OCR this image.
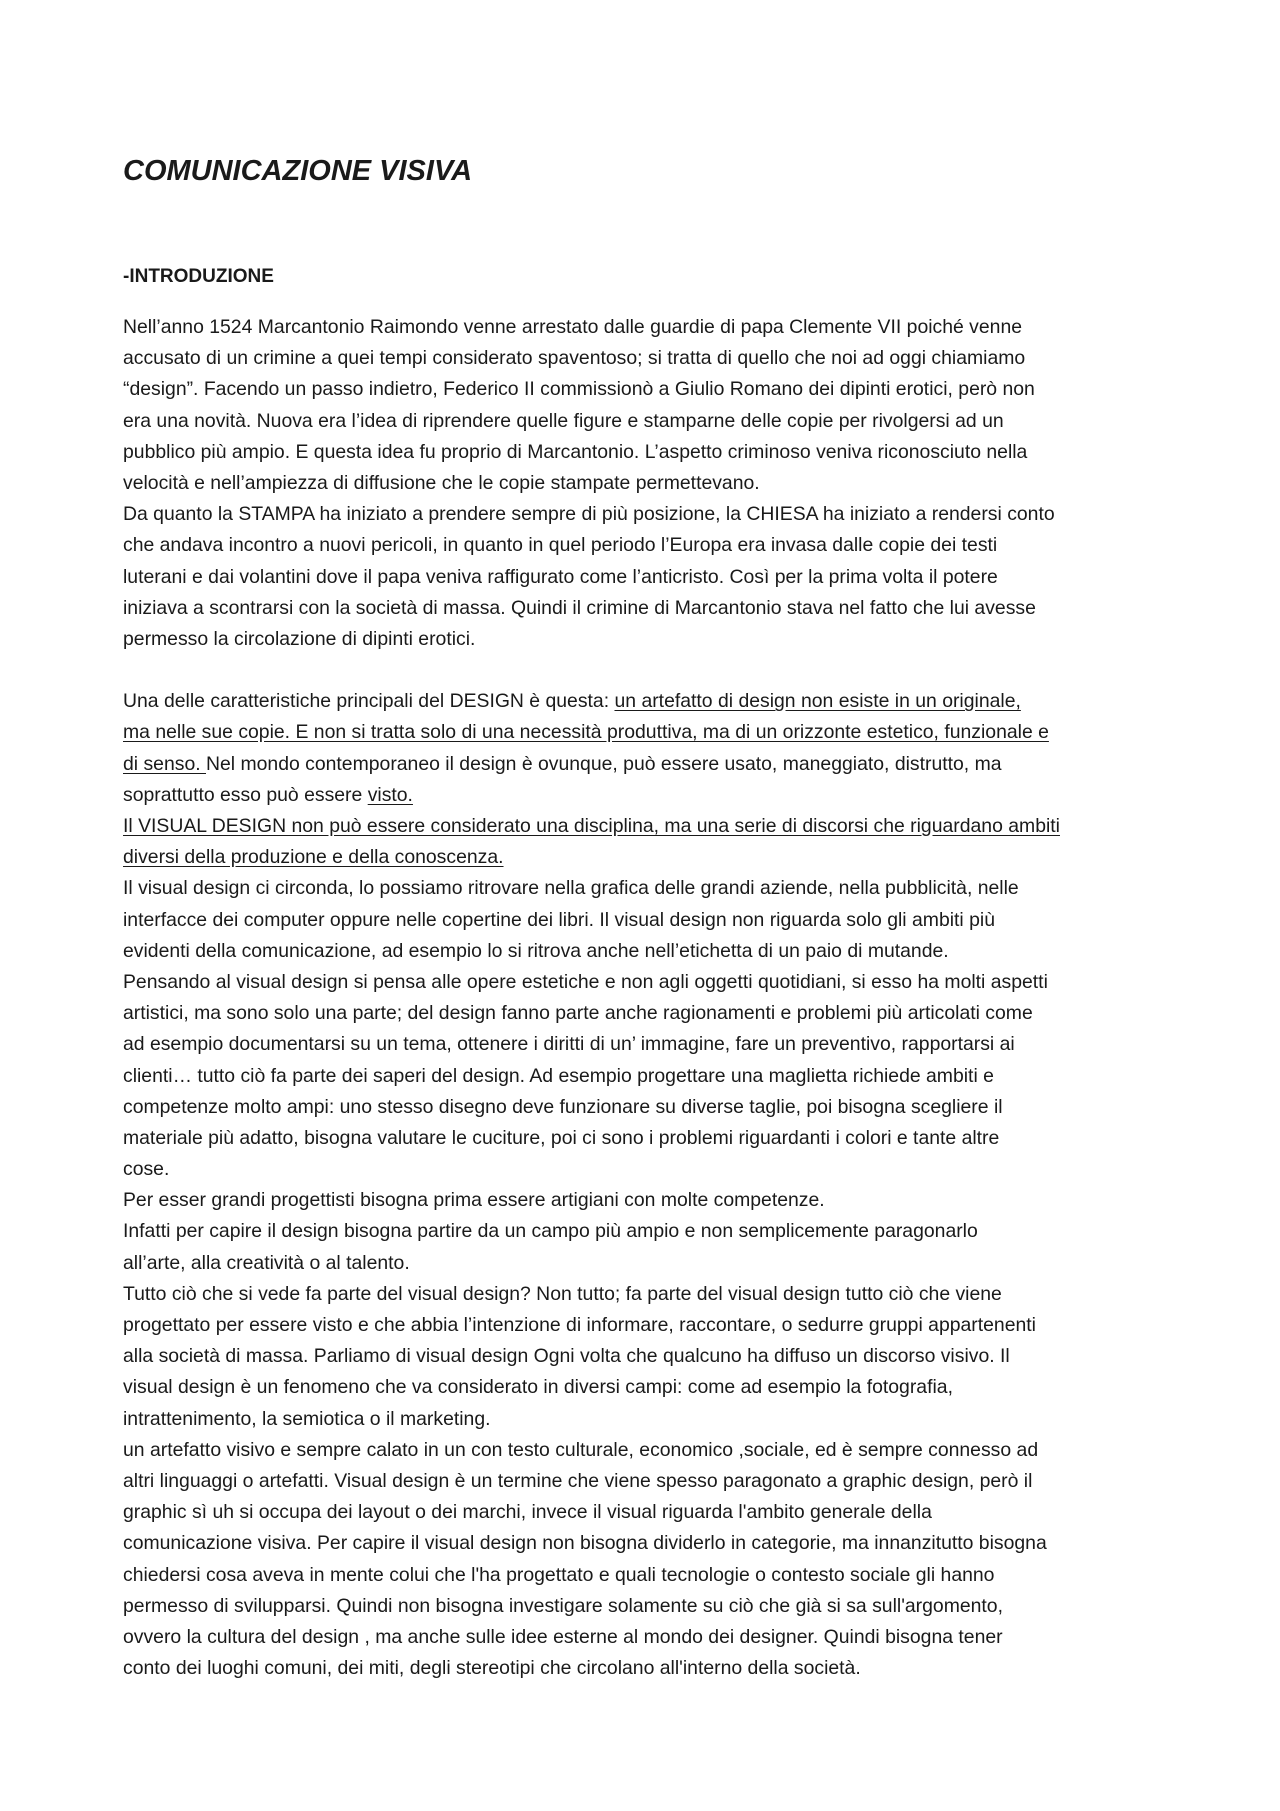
COMUNICAZIONE VISIVA
-INTRODUZIONE
Nell’anno 1524 Marcantonio Raimondo venne arrestato dalle guardie di papa Clemente VII poiché venne
accusato di un crimine a quei tempi considerato spaventoso; si tratta di quello che noi ad oggi chiamiamo
“design”. Facendo un passo indietro, Federico II commissionò a Giulio Romano dei dipinti erotici, però non
era una novità. Nuova era l’idea di riprendere quelle figure e stamparne delle copie per rivolgersi ad un
pubblico più ampio. E questa idea fu proprio di Marcantonio. L’aspetto criminoso veniva riconosciuto nella
velocità e nell’ampiezza di diffusione che le copie stampate permettevano.
Da quanto la STAMPA ha iniziato a prendere sempre di più posizione, la CHIESA ha iniziato a rendersi conto
che andava incontro a nuovi pericoli, in quanto in quel periodo l’Europa era invasa dalle copie dei testi
luterani e dai volantini dove il papa veniva raffigurato come l’anticristo. Così per la prima volta il potere
iniziava a scontrarsi con la società di massa. Quindi il crimine di Marcantonio stava nel fatto che lui avesse
permesso la circolazione di dipinti erotici.
Una delle caratteristiche principali del DESIGN è questa: un artefatto di design non esiste in un originale,
ma nelle sue copie. E non si tratta solo di una necessità produttiva, ma di un orizzonte estetico, funzionale e
di senso. Nel mondo contemporaneo il design è ovunque, può essere usato, maneggiato, distrutto, ma
soprattutto esso può essere visto.
Il VISUAL DESIGN non può essere considerato una disciplina, ma una serie di discorsi che riguardano ambiti
diversi della produzione e della conoscenza.
Il visual design ci circonda, lo possiamo ritrovare nella grafica delle grandi aziende, nella pubblicità, nelle
interfacce dei computer oppure nelle copertine dei libri. Il visual design non riguarda solo gli ambiti più
evidenti della comunicazione, ad esempio lo si ritrova anche nell’etichetta di un paio di mutande.
Pensando al visual design si pensa alle opere estetiche e non agli oggetti quotidiani, si esso ha molti aspetti
artistici, ma sono solo una parte; del design fanno parte anche ragionamenti e problemi più articolati come
ad esempio documentarsi su un tema, ottenere i diritti di un’ immagine, fare un preventivo, rapportarsi ai
clienti… tutto ciò fa parte dei saperi del design. Ad esempio progettare una maglietta richiede ambiti e
competenze molto ampi: uno stesso disegno deve funzionare su diverse taglie, poi bisogna scegliere il
materiale più adatto, bisogna valutare le cuciture, poi ci sono i problemi riguardanti i colori e tante altre
cose.
Per esser grandi progettisti bisogna prima essere artigiani con molte competenze.
Infatti per capire il design bisogna partire da un campo più ampio e non semplicemente paragonarlo
all’arte, alla creatività o al talento.
Tutto ciò che si vede fa parte del visual design? Non tutto; fa parte del visual design tutto ciò che viene
progettato per essere visto e che abbia l’intenzione di informare, raccontare, o sedurre gruppi appartenenti
alla società di massa. Parliamo di visual design Ogni volta che qualcuno ha diffuso un discorso visivo. Il
visual design è un fenomeno che va considerato in diversi campi: come ad esempio la fotografia,
intrattenimento, la semiotica o il marketing.
un artefatto visivo e sempre calato in un con testo culturale, economico ,sociale, ed è sempre connesso ad
altri linguaggi o artefatti. Visual design è un termine che viene spesso paragonato a graphic design, però il
graphic sì uh si occupa dei layout o dei marchi, invece il visual riguarda l'ambito generale della
comunicazione visiva. Per capire il visual design non bisogna dividerlo in categorie, ma innanzitutto bisogna
chiedersi cosa aveva in mente colui che l'ha progettato e quali tecnologie o contesto sociale gli hanno
permesso di svilupparsi. Quindi non bisogna investigare solamente su ciò che già si sa sull'argomento,
ovvero la cultura del design , ma anche sulle idee esterne al mondo dei designer. Quindi bisogna tener
conto dei luoghi comuni, dei miti, degli stereotipi che circolano all'interno della società.
